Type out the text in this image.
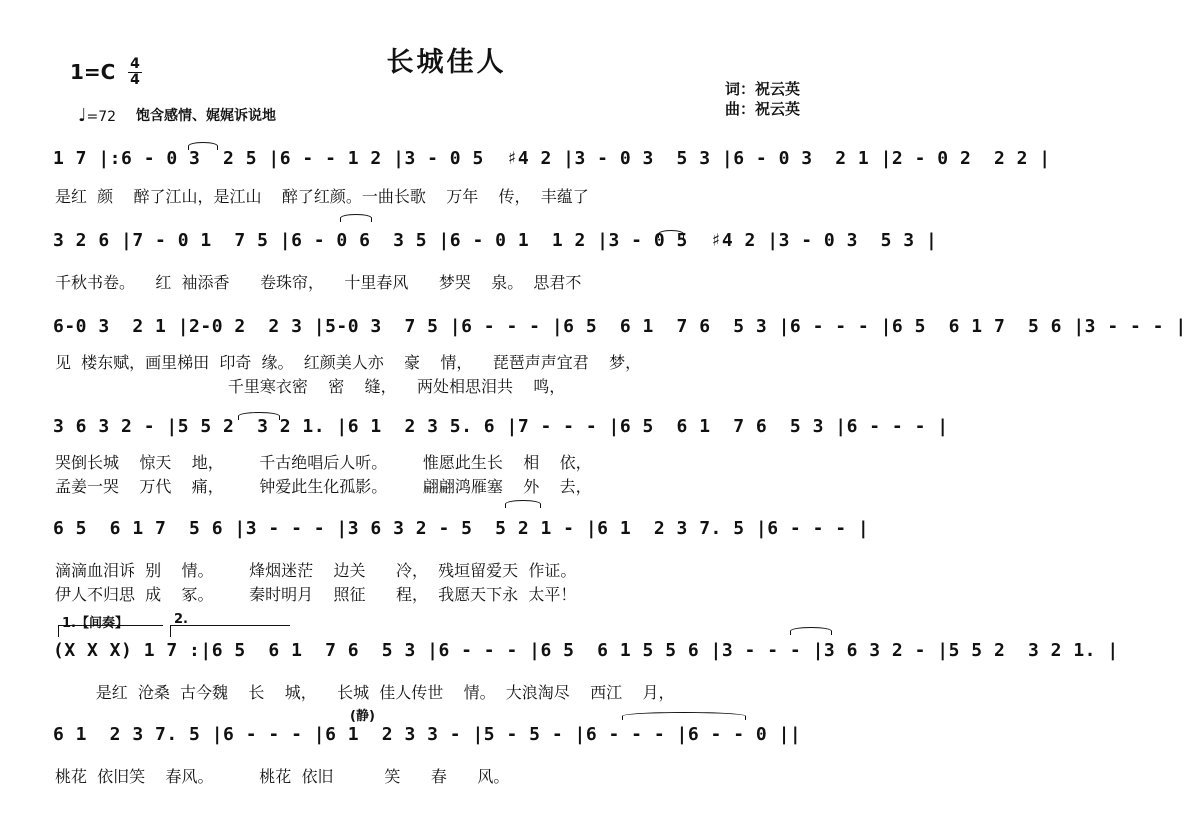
长城佳人
1=C 4
4
♩=72 饱含感情、娓娓诉说地
词：祝云英
曲：祝云英
1 7 |:6 - 0 3  2 5 |6 - - 1 2 |3 - 0 5  ♯4 2 |3 - 0 3  5 3 |6 - 0 3  2 1 |2 - 0 2  2 2 |
是红  颜    醉了江山，是江山    醉了红颜。一曲长歌    万年    传，  丰蕴了
3 2 6 |7 - 0 1  7 5 |6 - 0 6  3 5 |6 - 0 1  1 2 |3 - 0 5  ♯4 2 |3 - 0 3  5 3 |
千秋书卷。    红  袖添香      卷珠帘，    十里春风      梦哭    泉。  思君不
6-0 3  2 1 |2-0 2  2 3 |5-0 3  7 5 |6 - - - |6 5  6 1  7 6  5 3 |6 - - - |6 5  6 1 7  5 6 |3 - - - |
见  楼东赋，画里梯田  印奇  缘。  红颜美人亦    豪    情，    琵琶声声宜君    梦，
千里寒衣密    密    缝，    两处相思泪共    鸣，
3 6 3 2 - |5 5 2  3 2 1. |6 1  2 3 5. 6 |7 - - - |6 5  6 1  7 6  5 3 |6 - - - |
哭倒长城    惊天    地，       千古绝唱后人听。       惟愿此生长    相    依，
孟姜一哭    万代    痛，       钟爱此生化孤影。       翩翩鸿雁塞    外    去，
6 5  6 1 7  5 6 |3 - - - |3 6 3 2 - 5  5 2 1 - |6 1  2 3 7. 5 |6 - - - |
滴滴血泪诉  别    情。       烽烟迷茫    边关      冷，  残垣留爱天  作证。
伊人不归思  成    冢。       秦时明月    照征      程，  我愿天下永  太平！
1.【间奏】	2.
(X X X) 1 7 :|6 5  6 1  7 6  5 3 |6 - - - |6 5  6 1 5 5 6 |3 - - - |3 6 3 2 - |5 5 2  3 2 1. |
是红  沧桑  古今魏    长    城，    长城  佳人传世    情。  大浪淘尽    西江    月，
(静)
6 1  2 3 7. 5 |6 - - - |6 1  2 3 3 - |5 - 5 - |6 - - - |6 - - 0 ||
桃花  依旧笑    春风。         桃花  依旧          笑      春      风。
